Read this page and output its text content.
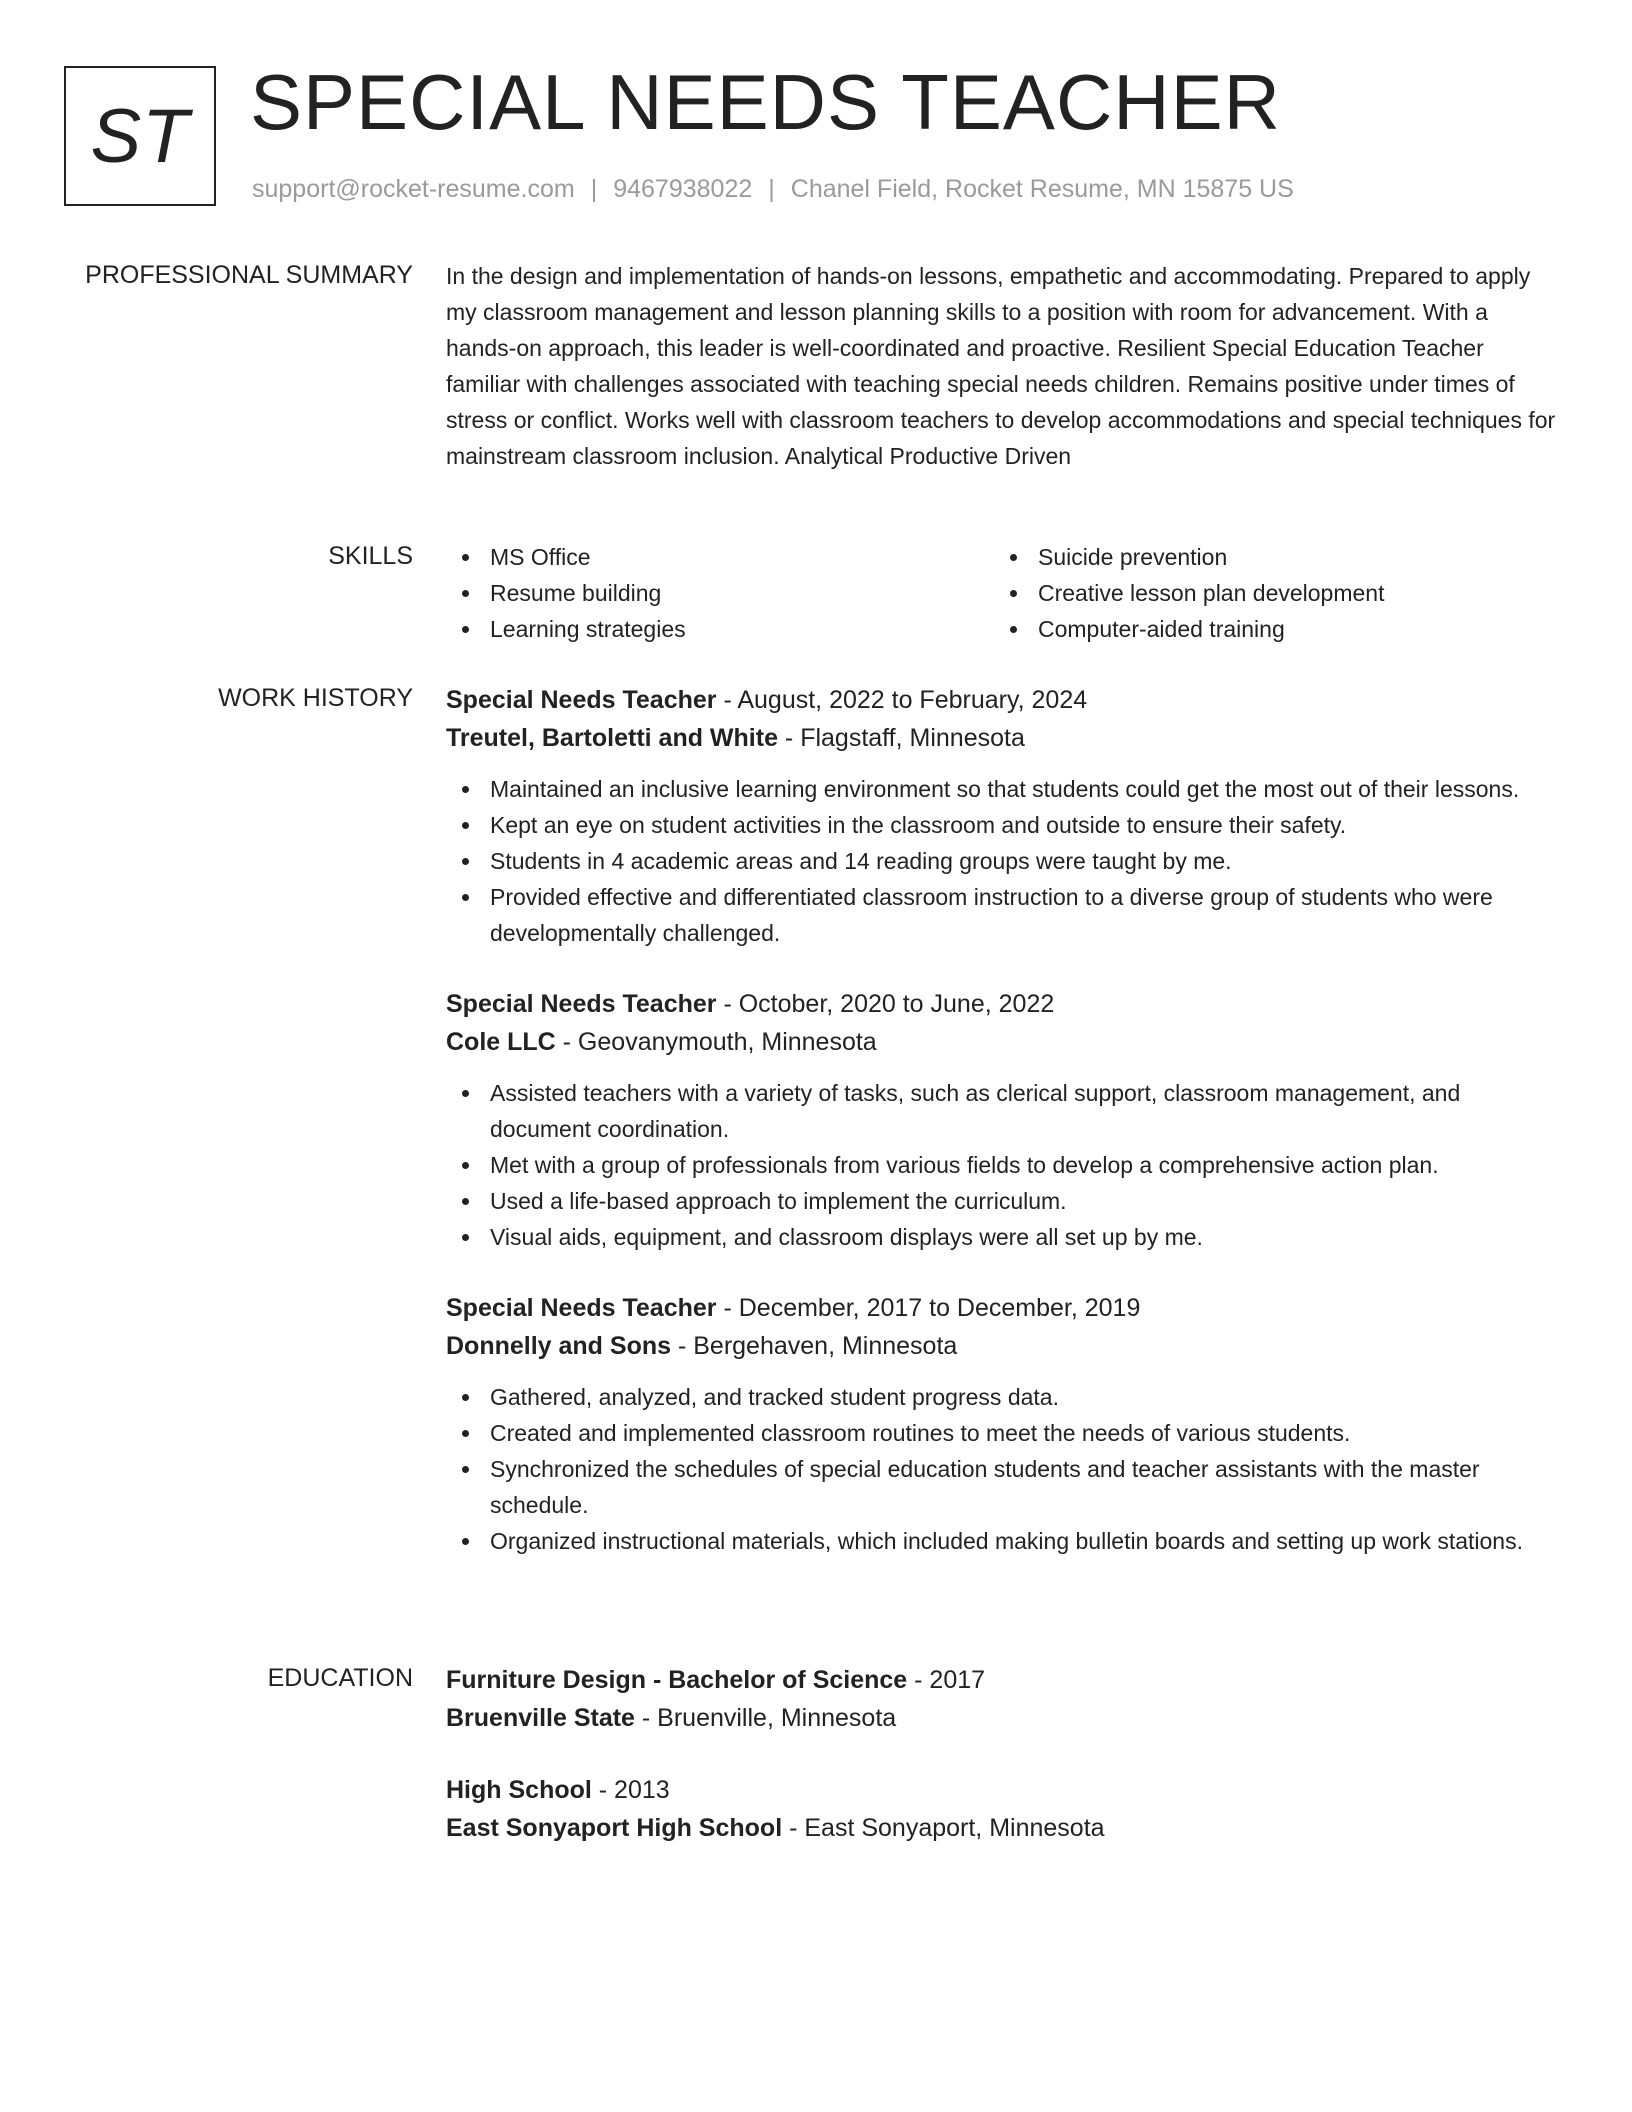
ST SPECIAL NEEDS TEACHER
support@rocket-resume.com | 9467938022 | Chanel Field, Rocket Resume, MN 15875 US
PROFESSIONAL SUMMARY In the design and implementation of hands-on lessons, empathetic and accommodating. Prepared to apply my classroom management and lesson planning skills to a position with room for advancement. With a hands-on approach, this leader is well-coordinated and proactive. Resilient Special Education Teacher familiar with challenges associated with teaching special needs children. Remains positive under times of stress or conflict. Works well with classroom teachers to develop accommodations and special techniques for mainstream classroom inclusion. Analytical Productive Driven

SKILLS	MS Office
Resume building
Learning strategies
Suicide prevention
Creative lesson plan development
Computer-aided training
WORK HISTORY Special Needs Teacher - August, 2022 to February, 2024
Treutel, Bartoletti and White - Flagstaff, Minnesota
Maintained an inclusive learning environment so that students could get the most out of their lessons.
Kept an eye on student activities in the classroom and outside to ensure their safety.
Students in 4 academic areas and 14 reading groups were taught by me.
Provided effective and differentiated classroom instruction to a diverse group of students who were developmentally challenged.
Special Needs Teacher - October, 2020 to June, 2022
Cole LLC - Geovanymouth, Minnesota
Assisted teachers with a variety of tasks, such as clerical support, classroom management, and document coordination.
Met with a group of professionals from various fields to develop a comprehensive action plan.
Used a life-based approach to implement the curriculum.
Visual aids, equipment, and classroom displays were all set up by me.
Special Needs Teacher - December, 2017 to December, 2019
Donnelly and Sons - Bergehaven, Minnesota
Gathered, analyzed, and tracked student progress data.
Created and implemented classroom routines to meet the needs of various students.
Synchronized the schedules of special education students and teacher assistants with the master schedule.
Organized instructional materials, which included making bulletin boards and setting up work stations.
EDUCATION Furniture Design - Bachelor of Science - 2017
Bruenville State - Bruenville, Minnesota
High School - 2013
East Sonyaport High School - East Sonyaport, Minnesota
